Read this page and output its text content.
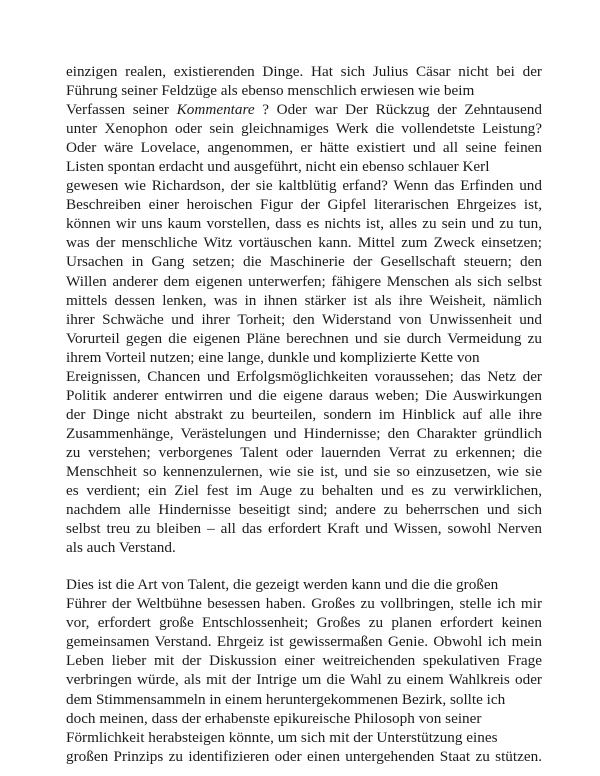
einzigen realen, existierenden Dinge. Hat sich Julius Cäsar nicht bei der
Führung seiner Feldzüge als ebenso menschlich erwiesen wie beim
Verfassen seiner Kommentare ? Oder war Der Rückzug der Zehntausend
unter Xenophon oder sein gleichnamiges Werk die vollendetste Leistung?
Oder wäre Lovelace, angenommen, er hätte existiert und all seine feinen
Listen spontan erdacht und ausgeführt, nicht ein ebenso schlauer Kerl
gewesen wie Richardson, der sie kaltblütig erfand? Wenn das Erfinden und
Beschreiben einer heroischen Figur der Gipfel literarischen Ehrgeizes ist,
können wir uns kaum vorstellen, dass es nichts ist, alles zu sein und zu tun,
was der menschliche Witz vortäuschen kann. Mittel zum Zweck einsetzen;
Ursachen in Gang setzen; die Maschinerie der Gesellschaft steuern; den
Willen anderer dem eigenen unterwerfen; fähigere Menschen als sich selbst
mittels dessen lenken, was in ihnen stärker ist als ihre Weisheit, nämlich
ihrer Schwäche und ihrer Torheit; den Widerstand von Unwissenheit und
Vorurteil gegen die eigenen Pläne berechnen und sie durch Vermeidung zu
ihrem Vorteil nutzen; eine lange, dunkle und komplizierte Kette von
Ereignissen, Chancen und Erfolgsmöglichkeiten voraussehen; das Netz der
Politik anderer entwirren und die eigene daraus weben; Die Auswirkungen
der Dinge nicht abstrakt zu beurteilen, sondern im Hinblick auf alle ihre
Zusammenhänge, Verästelungen und Hindernisse; den Charakter gründlich
zu verstehen; verborgenes Talent oder lauernden Verrat zu erkennen; die
Menschheit so kennenzulernen, wie sie ist, und sie so einzusetzen, wie sie
es verdient; ein Ziel fest im Auge zu behalten und es zu verwirklichen,
nachdem alle Hindernisse beseitigt sind; andere zu beherrschen und sich
selbst treu zu bleiben – all das erfordert Kraft und Wissen, sowohl Nerven
als auch Verstand.

Dies ist die Art von Talent, die gezeigt werden kann und die die großen
Führer der Weltbühne besessen haben. Großes zu vollbringen, stelle ich mir
vor, erfordert große Entschlossenheit; Großes zu planen erfordert keinen
gemeinsamen Verstand. Ehrgeiz ist gewissermaßen Genie. Obwohl ich mein
Leben lieber mit der Diskussion einer weitreichenden spekulativen Frage
verbringen würde, als mit der Intrige um die Wahl zu einem Wahlkreis oder
dem Stimmensammeln in einem heruntergekommenen Bezirk, sollte ich
doch meinen, dass der erhabenste epikureische Philosoph von seiner
Förmlichkeit herabsteigen könnte, um sich mit der Unterstützung eines
großen Prinzips zu identifizieren oder einen untergehenden Staat zu stützen.
